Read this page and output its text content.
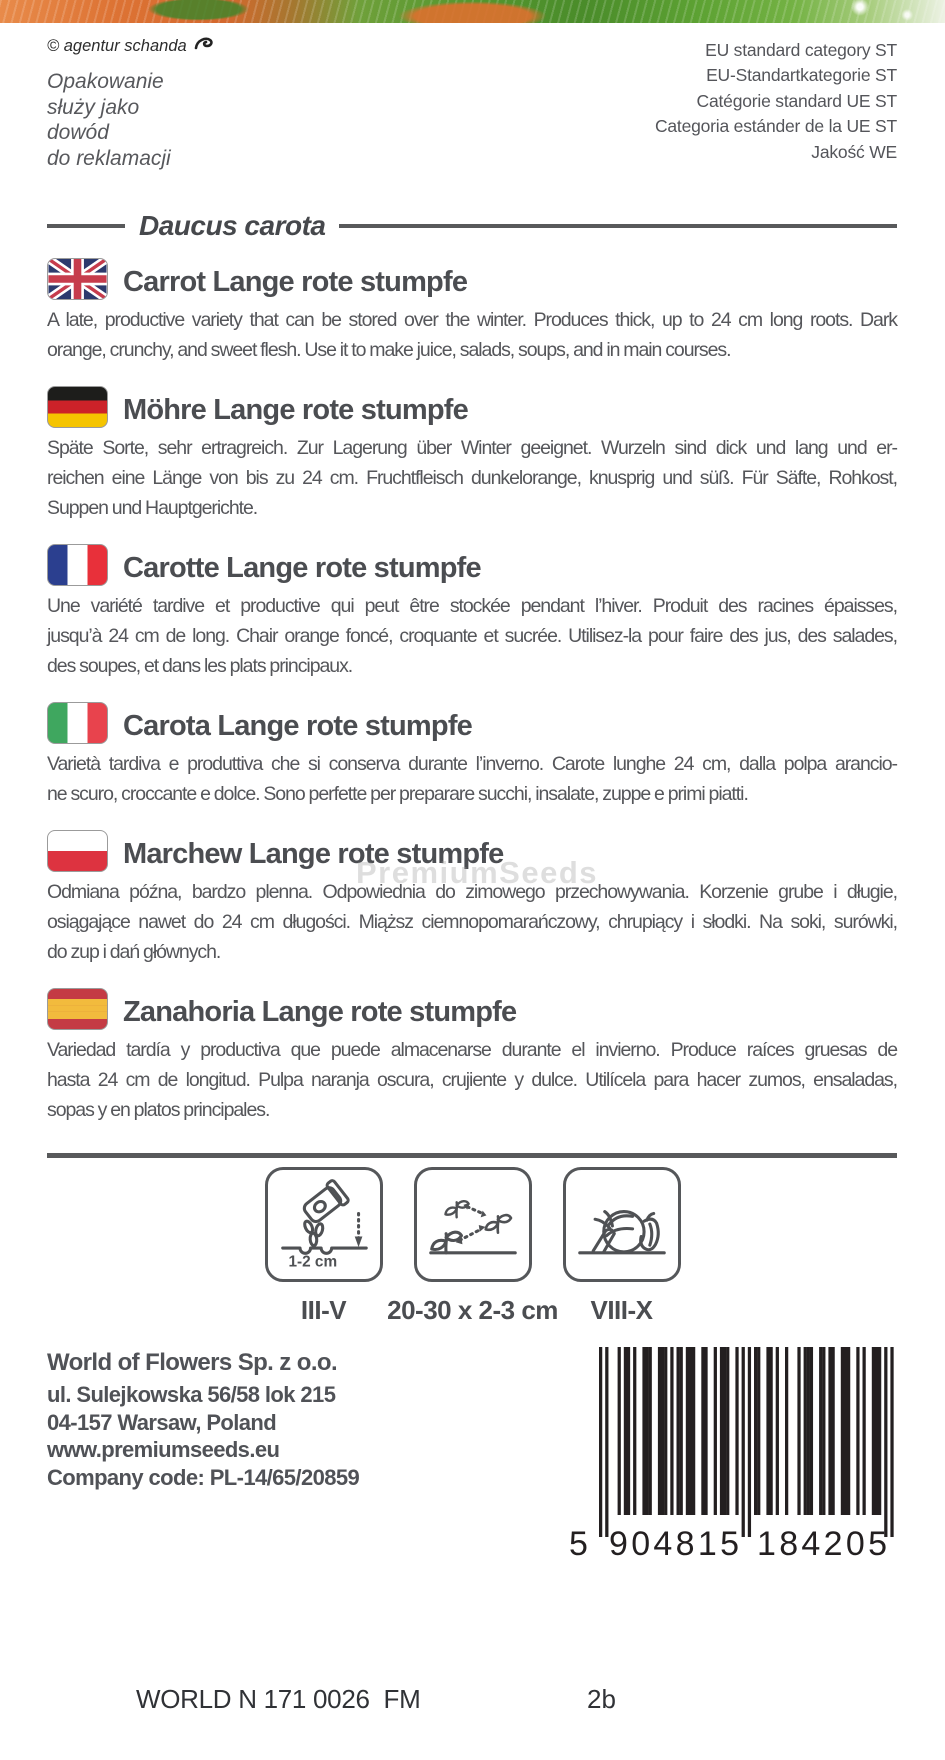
© agentur schanda
Opakowanie
służy jako
dowód
do reklamacji
EU standard category ST
EU-Standartkategorie ST
Catégorie standard UE ST
Categoria estánder de la UE ST
Jakość WE
Daucus carota
Carrot Lange rote stumpfe
A late, productive variety that can be stored over the winter. Produces thick, up to 24 cm long roots. Dark
orange, crunchy, and sweet flesh. Use it to make juice, salads, soups, and in main courses.
Möhre Lange rote stumpfe
Späte Sorte, sehr ertragreich. Zur Lagerung über Winter geeignet. Wurzeln sind dick und lang und er-
reichen eine Länge von bis zu 24 cm. Fruchtfleisch dunkelorange, knusprig und süß. Für Säfte, Rohkost,
Suppen und Hauptgerichte.
Carotte Lange rote stumpfe
Une variété tardive et productive qui peut être stockée pendant l’hiver. Produit des racines épaisses,
jusqu’à 24 cm de long. Chair orange foncé, croquante et sucrée. Utilisez-la pour faire des jus, des salades,
des soupes, et dans les plats principaux.
Carota Lange rote stumpfe
Varietà tardiva e produttiva che si conserva durante l’inverno. Carote lunghe 24 cm, dalla polpa arancio-
ne scuro, croccante e dolce. Sono perfette per preparare succhi, insalate, zuppe e primi piatti.
Marchew Lange rote stumpfe
Odmiana późna, bardzo plenna. Odpowiednia do zimowego przechowywania. Korzenie grube i długie,
osiągające nawet do 24 cm długości. Miąższ ciemnopomarańczowy, chrupiący i słodki. Na soki, surówki,
do zup i dań głównych.
Zanahoria Lange rote stumpfe
Variedad tardía y productiva que puede almacenarse durante el invierno. Produce raíces gruesas de
hasta 24 cm de longitud. Pulpa naranja oscura, crujiente y dulce. Utilícela para hacer zumos, ensaladas,
sopas y en platos principales.
PremiumSeeds
1-2 cm
III-V 20-30 x 2-3 cm VIII-X
World of Flowers Sp. z o.o.
ul. Sulejkowska 56/58 lok 215
04-157 Warsaw, Poland
www.premiumseeds.eu
Company code: PL-14/65/20859
5 904815 184205
WORLD N 171 0026  FM	2b
